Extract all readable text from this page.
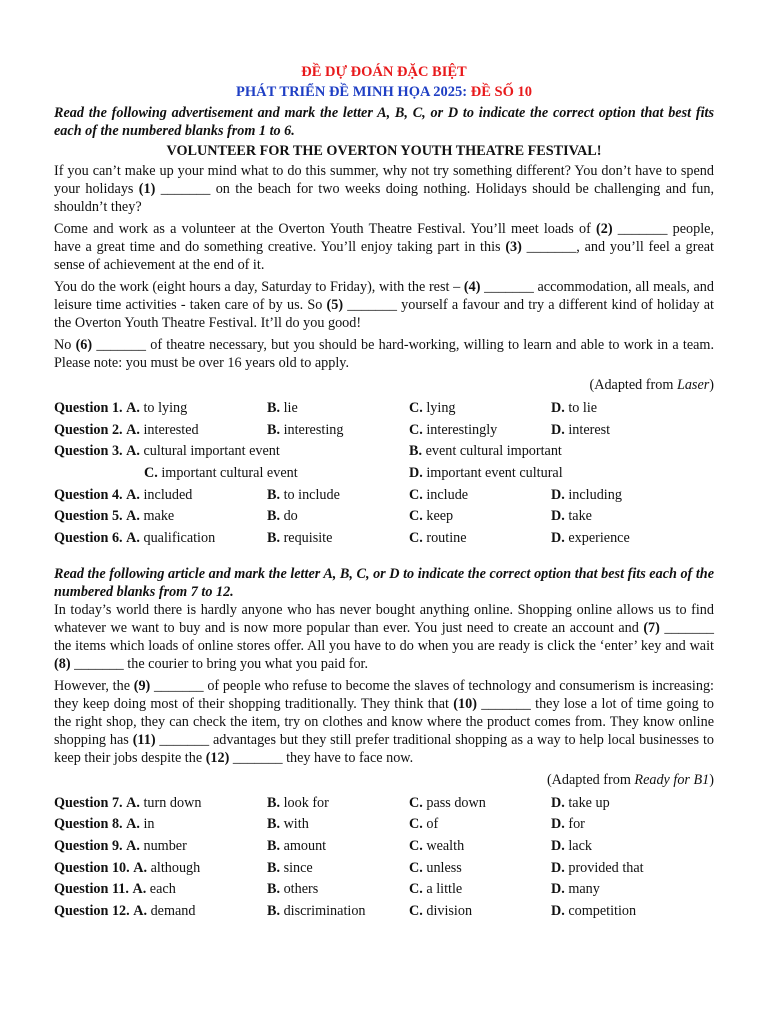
ĐỀ DỰ ĐOÁN ĐẶC BIỆT
PHÁT TRIỂN ĐỀ MINH HỌA 2025: ĐỀ SỐ 10

Read the following advertisement and mark the letter A, B, C, or D to indicate the correct option that best fits each of the numbered blanks from 1 to 6.

VOLUNTEER FOR THE OVERTON YOUTH THEATRE FESTIVAL!

If you can’t make up your mind what to do this summer, why not try something different? You don’t have to spend your holidays (1) _______ on the beach for two weeks doing nothing. Holidays should be challenging and fun, shouldn’t they?

Come and work as a volunteer at the Overton Youth Theatre Festival. You’ll meet loads of (2) _______ people, have a great time and do something creative. You’ll enjoy taking part in this (3) _______, and you’ll feel a great sense of achievement at the end of it.

You do the work (eight hours a day, Saturday to Friday), with the rest – (4) _______ accommodation, all meals, and leisure time activities - taken care of by us. So (5) _______ yourself a favour and try a different kind of holiday at the Overton Youth Theatre Festival. It’ll do you good!

No (6) _______ of theatre necessary, but you should be hard-working, willing to learn and able to work in a team. Please note: you must be over 16 years old to apply.

(Adapted from Laser)
Question 1. A. to lying	B. lie	C. lying	D. to lie
Question 2. A. interested	B. interesting	C. interestingly	D. interest
Question 3. A. cultural important event	B. event cultural important
C. important cultural event	D. important event cultural
Question 4. A. included	B. to include	C. include	D. including
Question 5. A. make	B. do	C. keep	D. take
Question 6. A. qualification	B. requisite	C. routine	D. experience

Read the following article and mark the letter A, B, C, or D to indicate the correct option that best fits each of the numbered blanks from 7 to 12.

In today’s world there is hardly anyone who has never bought anything online. Shopping online allows us to find whatever we want to buy and is now more popular than ever. You just need to create an account and (7) _______ the items which loads of online stores offer. All you have to do when you are ready is click the ‘enter’ key and wait (8) _______ the courier to bring you what you paid for.

However, the (9) _______ of people who refuse to become the slaves of technology and consumerism is increasing: they keep doing most of their shopping traditionally. They think that (10) _______ they lose a lot of time going to the right shop, they can check the item, try on clothes and know where the product comes from. They know online shopping has (11) _______ advantages but they still prefer traditional shopping as a way to help local businesses to keep their jobs despite the (12) _______ they have to face now.

(Adapted from Ready for B1)
Question 7. A. turn down	B. look for	C. pass down	D. take up
Question 8. A. in	B. with	C. of	D. for
Question 9. A. number	B. amount	C. wealth	D. lack
Question 10. A. although	B. since	C. unless	D. provided that
Question 11. A. each	B. others	C. a little	D. many
Question 12. A. demand	B. discrimination	C. division	D. competition
